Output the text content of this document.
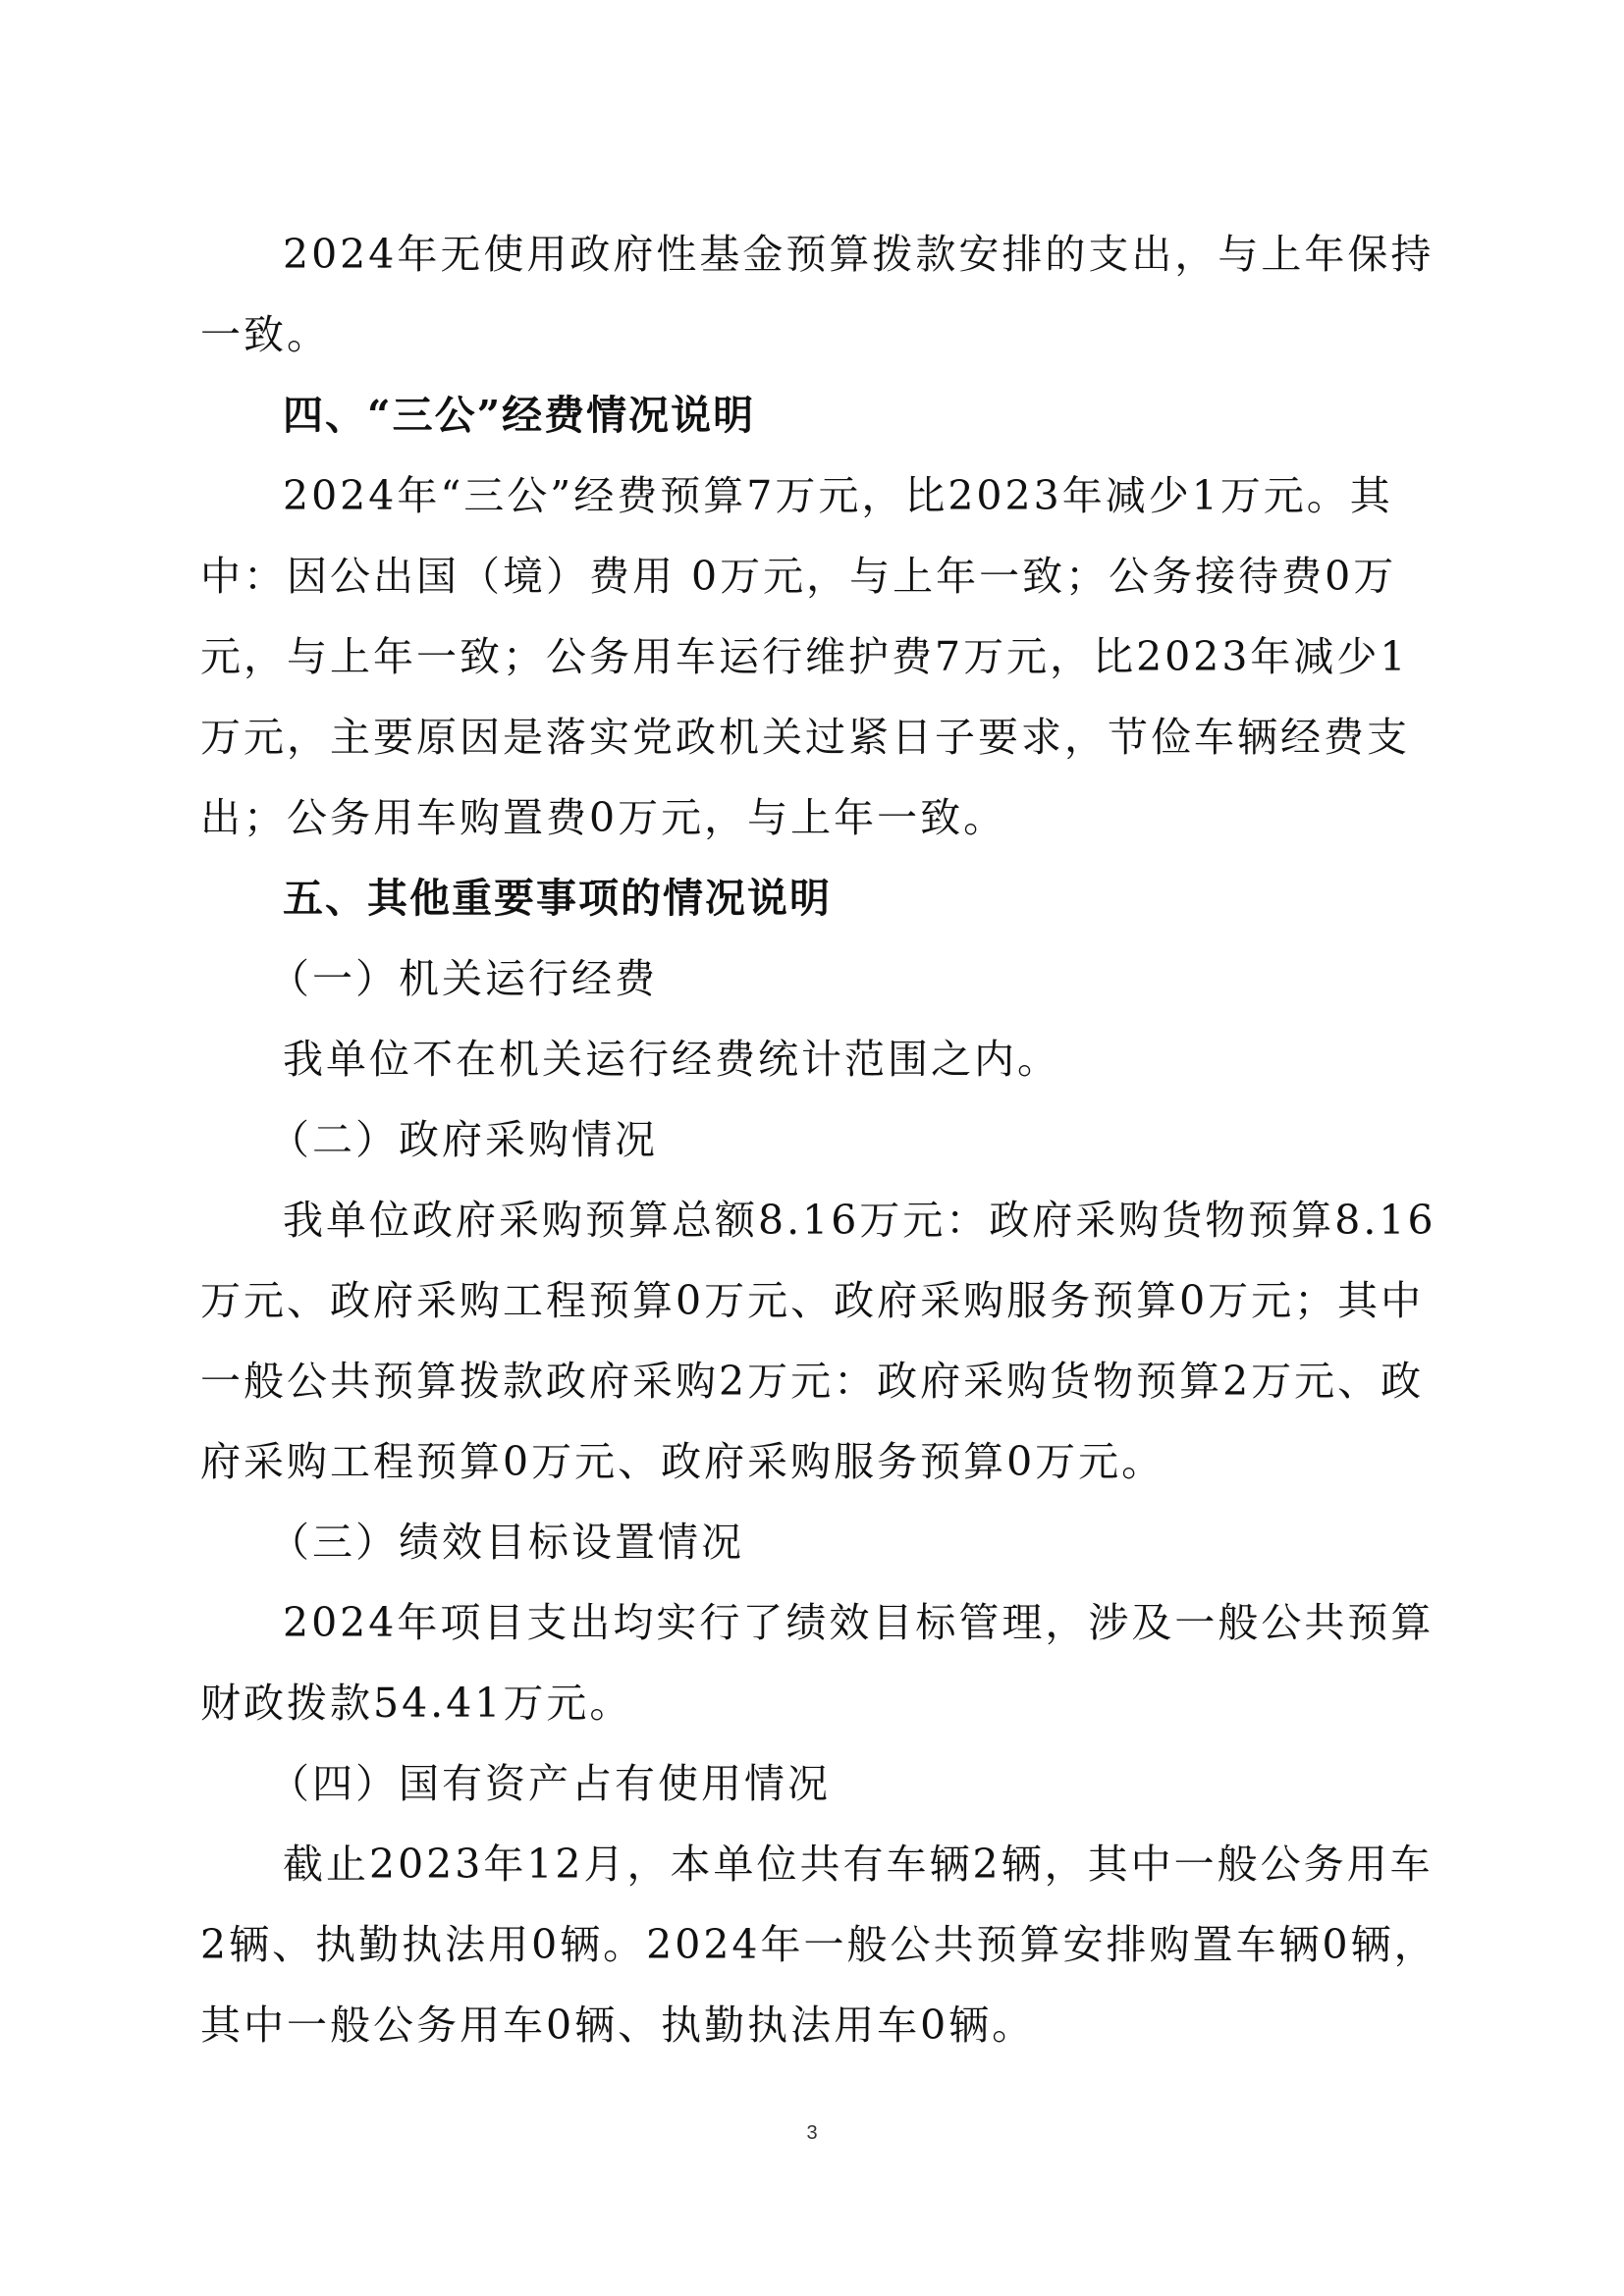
2024年无使用政府性基金预算拨款安排的支出，与上年保持一致。

四、“三公”经费情况说明

2024年“三公”经费预算7万元，比2023年减少1万元。其中：因公出国（境）费用 0万元，与上年一致；公务接待费0万元，与上年一致；公务用车运行维护费7万元，比2023年减少1万元，主要原因是落实党政机关过紧日子要求，节俭车辆经费支出；公务用车购置费0万元，与上年一致。

五、其他重要事项的情况说明

（一）机关运行经费

我单位不在机关运行经费统计范围之内。

（二）政府采购情况

我单位政府采购预算总额8.16万元：政府采购货物预算8.16万元、政府采购工程预算0万元、政府采购服务预算0万元；其中一般公共预算拨款政府采购2万元：政府采购货物预算2万元、政府采购工程预算0万元、政府采购服务预算0万元。

（三）绩效目标设置情况

2024年项目支出均实行了绩效目标管理，涉及一般公共预算财政拨款54.41万元。

（四）国有资产占有使用情况

截止2023年12月，本单位共有车辆2辆，其中一般公务用车2辆、执勤执法用0辆。2024年一般公共预算安排购置车辆0辆，其中一般公务用车0辆、执勤执法用车0辆。

3
